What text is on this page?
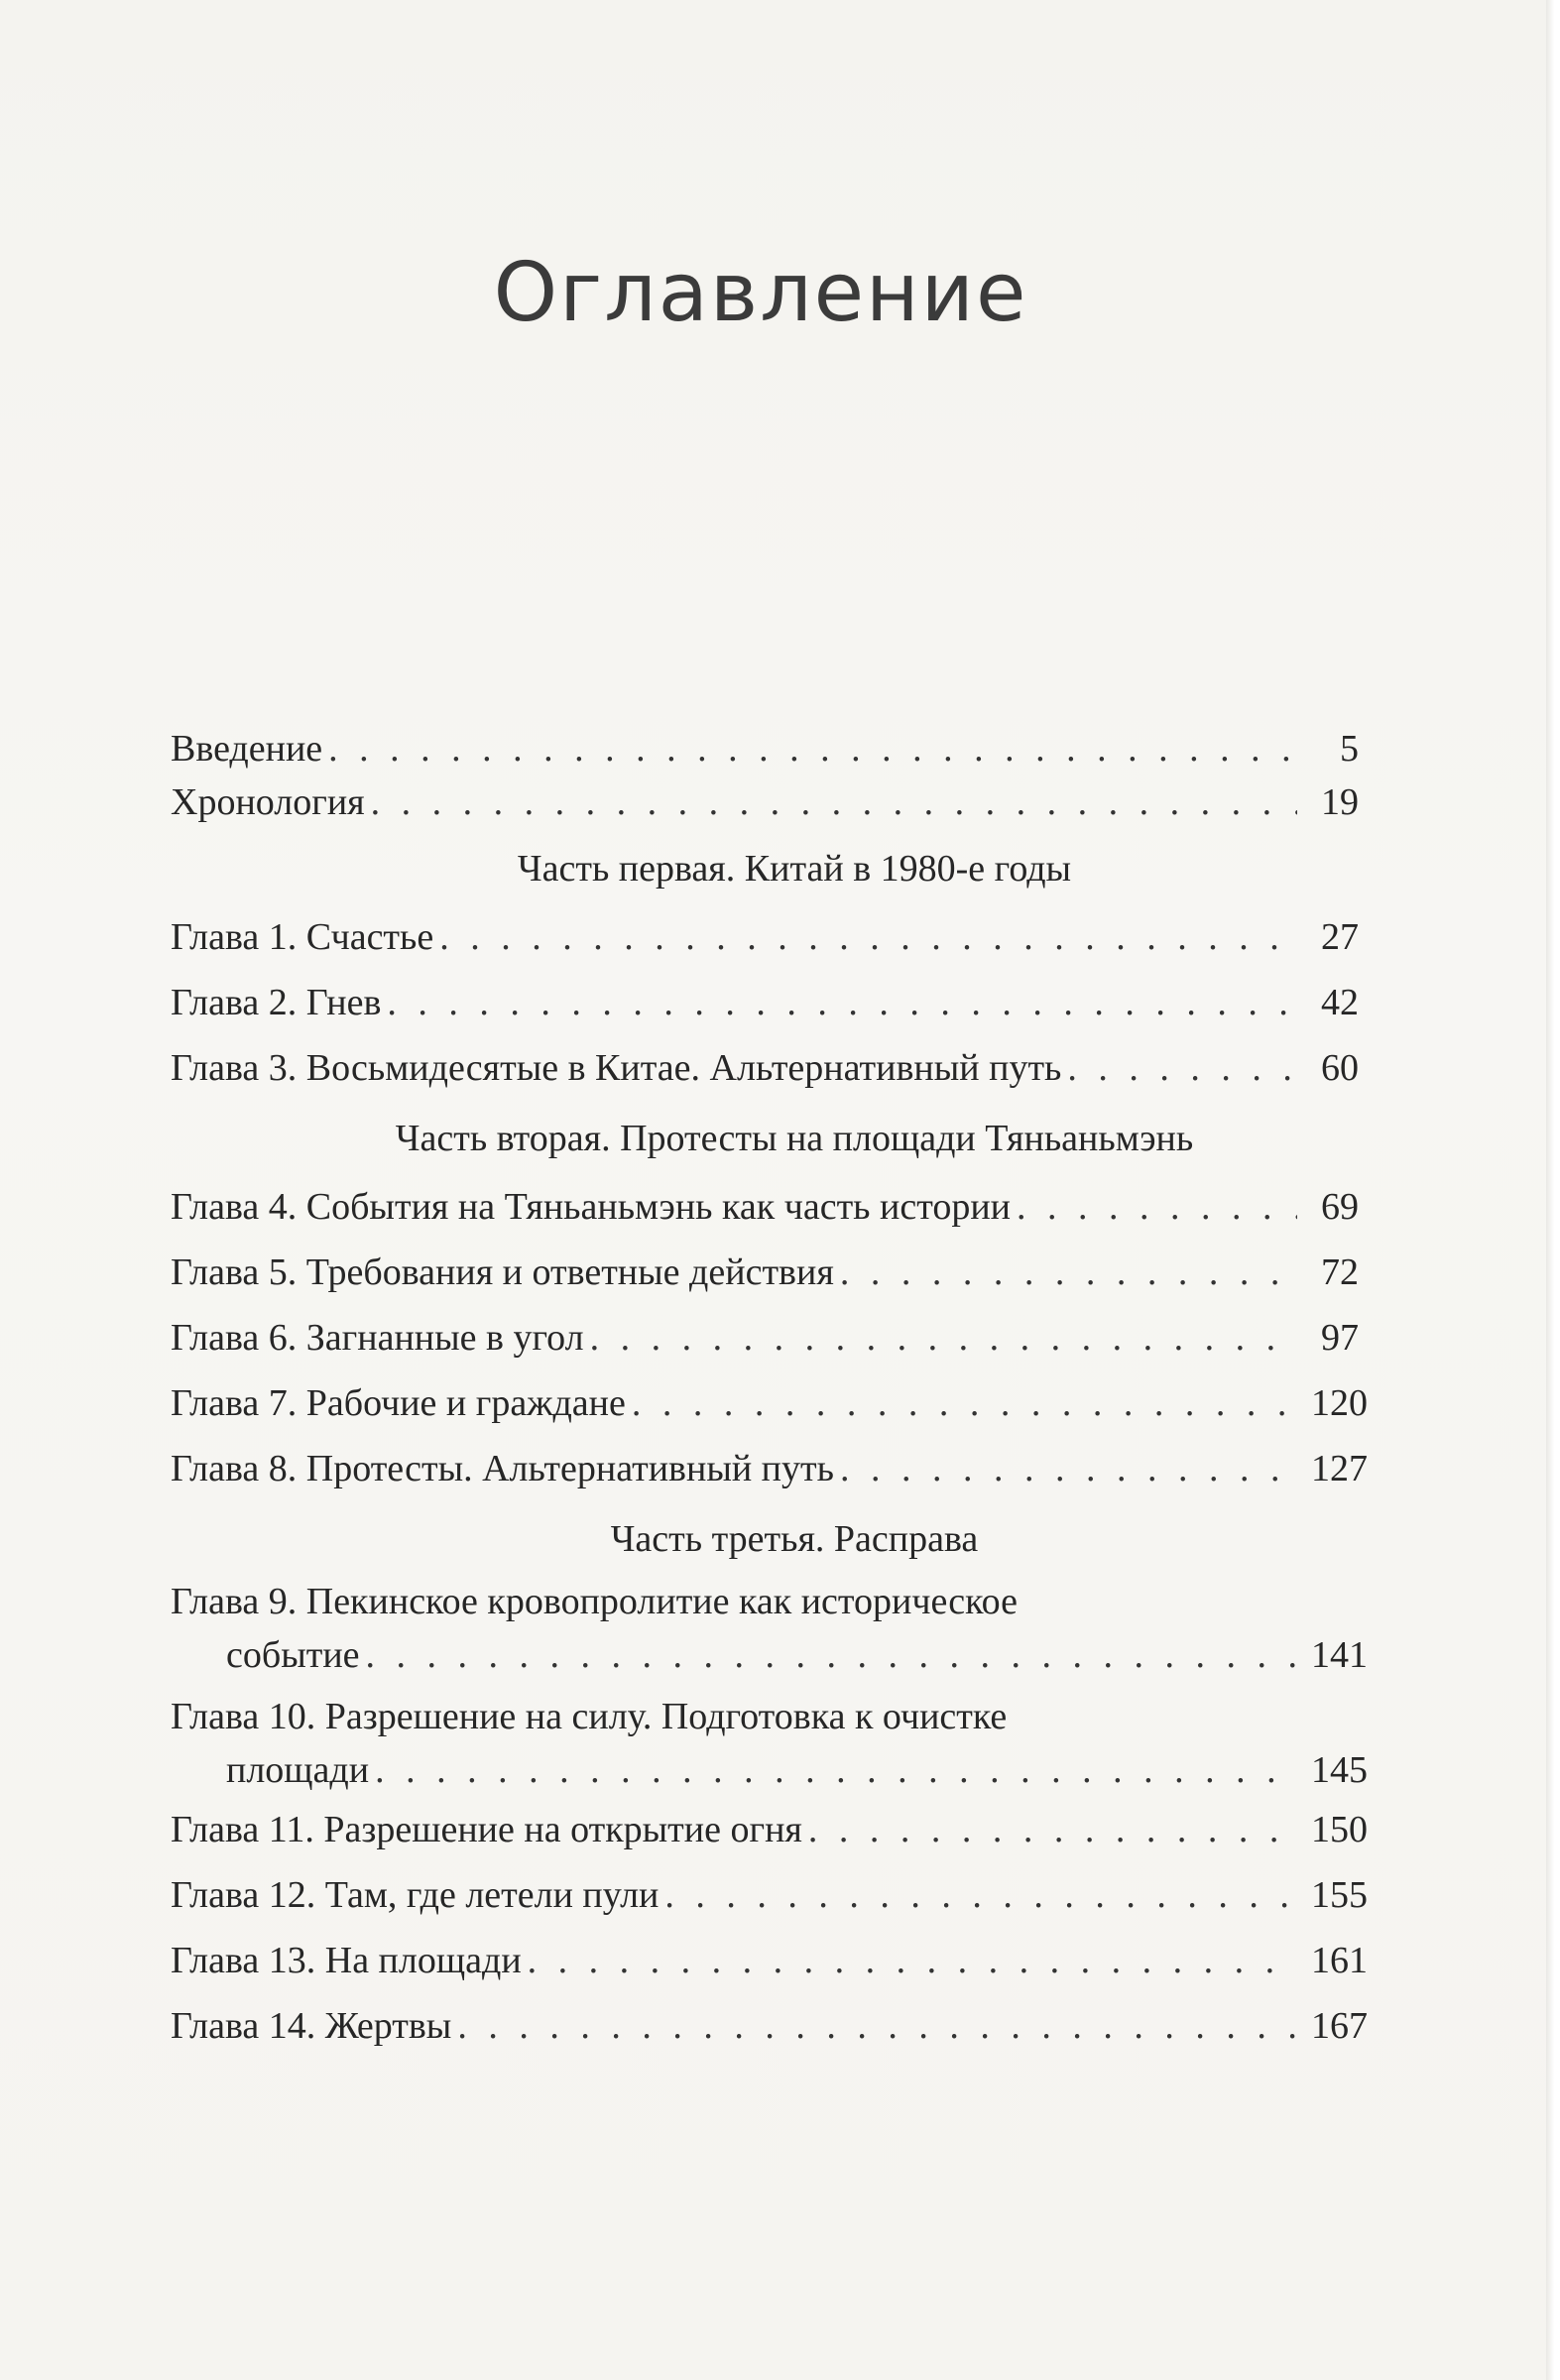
Оглавление
Введение . . .	5
Хронология . . .	19
Часть первая. Китай в 1980-е годы
Глава 1. Счастье . . .	27
Глава 2. Гнев . . .	42
Глава 3. Восьмидесятые в Китае. Альтернативный путь . . .	60
Часть вторая. Протесты на площади Тяньаньмэнь
Глава 4. События на Тяньаньмэнь как часть истории . . .	69
Глава 5. Требования и ответные действия . . .	72
Глава 6. Загнанные в угол . . .	97
Глава 7. Рабочие и граждане . . .	120
Глава 8. Протесты. Альтернативный путь . . .	127
Часть третья. Расправа
Глава 9. Пекинское кровопролитие как историческое
событие . . .	141
Глава 10. Разрешение на силу. Подготовка к очистке
площади . . .	145
Глава 11. Разрешение на открытие огня . . .	150
Глава 12. Там, где летели пули . . .	155
Глава 13. На площади . . .	161
Глава 14. Жертвы . . .	167
